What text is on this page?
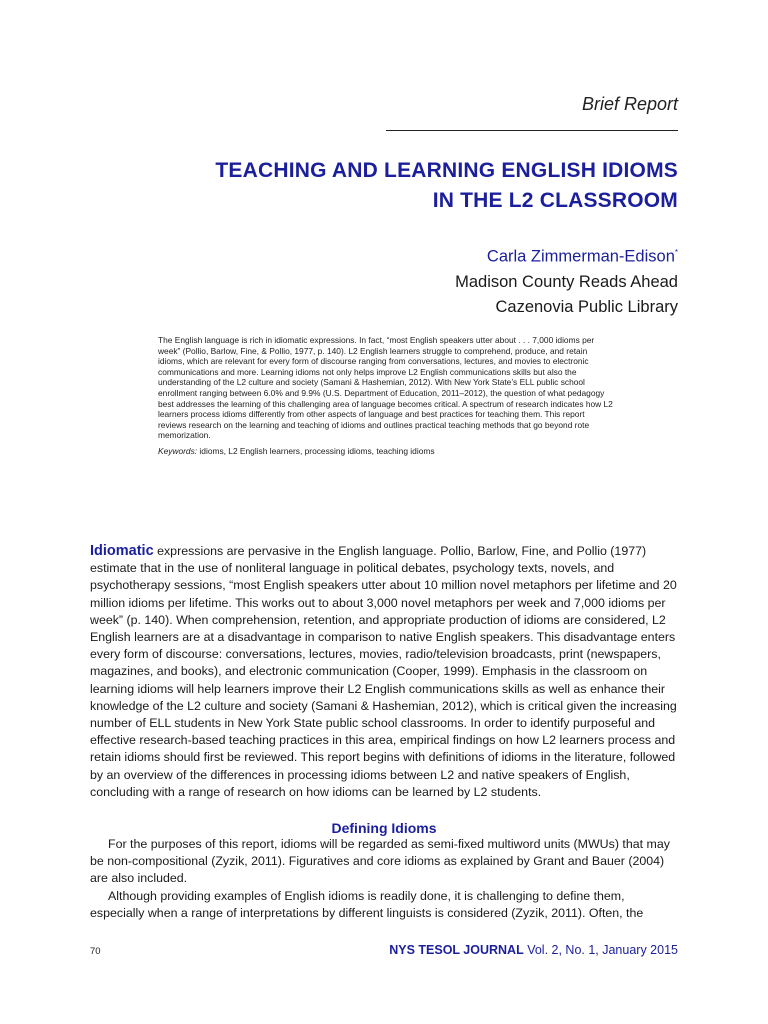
Brief Report
TEACHING AND LEARNING ENGLISH IDIOMS
IN THE L2 CLASSROOM
Carla Zimmerman-Edison*
Madison County Reads Ahead
Cazenovia Public Library

The English language is rich in idiomatic expressions. In fact, “most English speakers utter about . . . 7,000 idioms per week” (Pollio, Barlow, Fine, & Pollio, 1977, p. 140). L2 English learners struggle to comprehend, produce, and retain idioms, which are relevant for every form of discourse ranging from conversations, lectures, and movies to electronic communications and more. Learning idioms not only helps improve L2 English communications skills but also the understanding of the L2 culture and society (Samani & Hashemian, 2012). With New York State’s ELL public school enrollment ranging between 6.0% and 9.9% (U.S. Department of Education, 2011–2012), the question of what pedagogy best addresses the learning of this challenging area of language becomes critical. A spectrum of research indicates how L2 learners process idioms differently from other aspects of language and best practices for teaching them. This report reviews research on the learning and teaching of idioms and outlines practical teaching methods that go beyond rote memorization.

Keywords: idioms, L2 English learners, processing idioms, teaching idioms

Idiomatic expressions are pervasive in the English language. Pollio, Barlow, Fine, and Pollio (1977) estimate that in the use of nonliteral language in political debates, psychology texts, novels, and psychotherapy sessions, “most English speakers utter about 10 million novel metaphors per lifetime and 20 million idioms per lifetime. This works out to about 3,000 novel metaphors per week and 7,000 idioms per week” (p. 140). When comprehension, retention, and appropriate production of idioms are considered, L2 English learners are at a disadvantage in comparison to native English speakers. This disadvantage enters every form of discourse: conversations, lectures, movies, radio/television broadcasts, print (newspapers, magazines, and books), and electronic communication (Cooper, 1999). Emphasis in the classroom on learning idioms will help learners improve their L2 English communications skills as well as enhance their knowledge of the L2 culture and society (Samani & Hashemian, 2012), which is critical given the increasing number of ELL students in New York State public school classrooms. In order to identify purposeful and effective research-based teaching practices in this area, empirical findings on how L2 learners process and retain idioms should first be reviewed. This report begins with definitions of idioms in the literature, followed by an overview of the differences in processing idioms between L2 and native speakers of English, concluding with a range of research on how idioms can be learned by L2 students.
Defining Idioms

For the purposes of this report, idioms will be regarded as semi-fixed multiword units (MWUs) that may be non-compositional (Zyzik, 2011). Figuratives and core idioms as explained by Grant and Bauer (2004) are also included.

Although providing examples of English idioms is readily done, it is challenging to define them, especially when a range of interpretations by different linguists is considered (Zyzik, 2011). Often, the

70	NYS TESOL JOURNAL Vol. 2, No. 1, January 2015
